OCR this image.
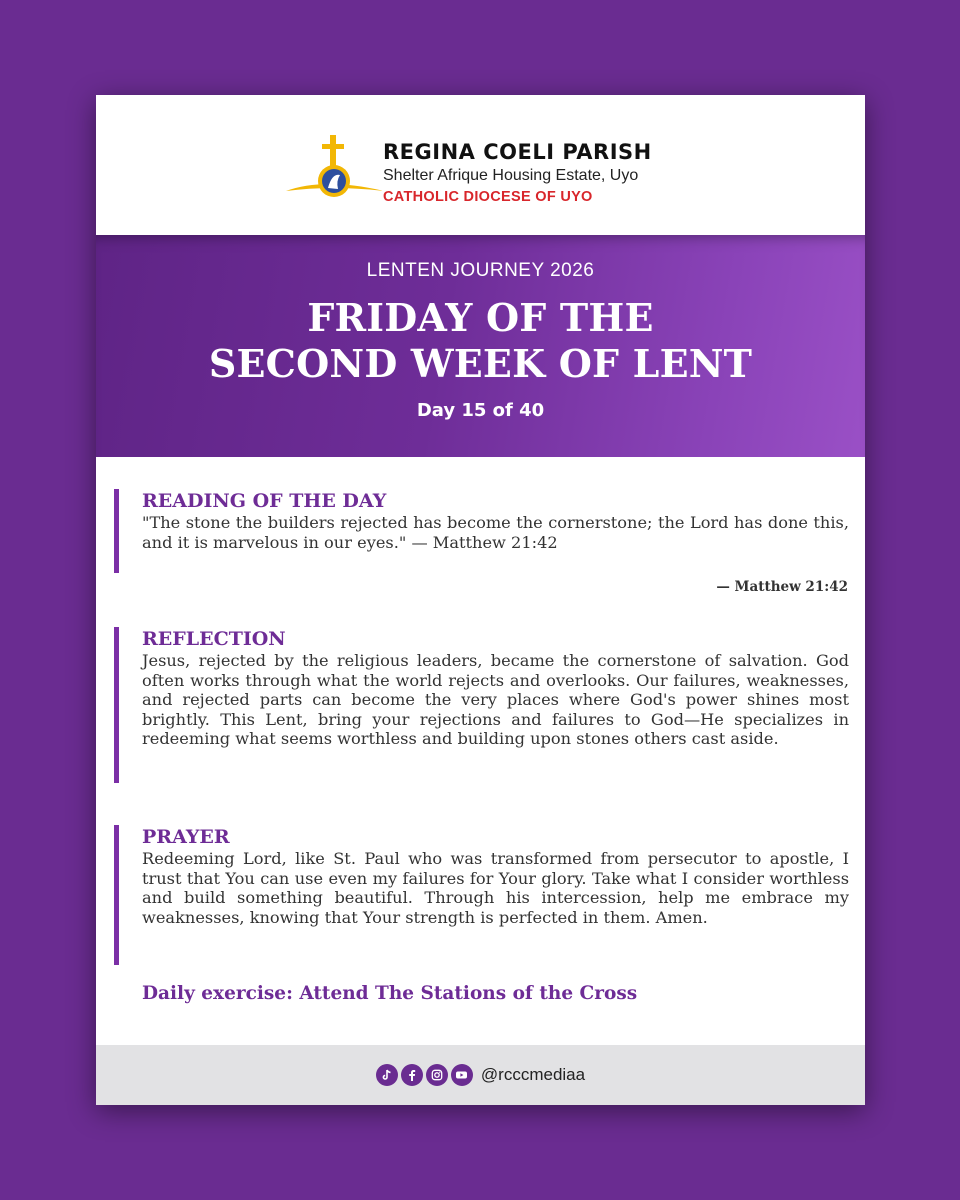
REGINA COELI PARISH
Shelter Afrique Housing Estate, Uyo
CATHOLIC DIOCESE OF UYO
LENTEN JOURNEY 2026
FRIDAY OF THE
SECOND WEEK OF LENT
Day 15 of 40
READING OF THE DAY
"The stone the builders rejected has become the cornerstone; the Lord has done this, and it is marvelous in our eyes." — Matthew 21:42
— Matthew 21:42
REFLECTION
Jesus, rejected by the religious leaders, became the cornerstone of salvation. God often works through what the world rejects and overlooks. Our failures, weaknesses, and rejected parts can become the very places where God's power shines most brightly. This Lent, bring your rejections and failures to God—He specializes in redeeming what seems worthless and building upon stones others cast aside.
PRAYER
Redeeming Lord, like St. Paul who was transformed from persecutor to apostle, I trust that You can use even my failures for Your glory. Take what I consider worthless and build something beautiful. Through his intercession, help me embrace my weaknesses, knowing that Your strength is perfected in them. Amen.
Daily exercise: Attend The Stations of the Cross
@rcccmediaa
